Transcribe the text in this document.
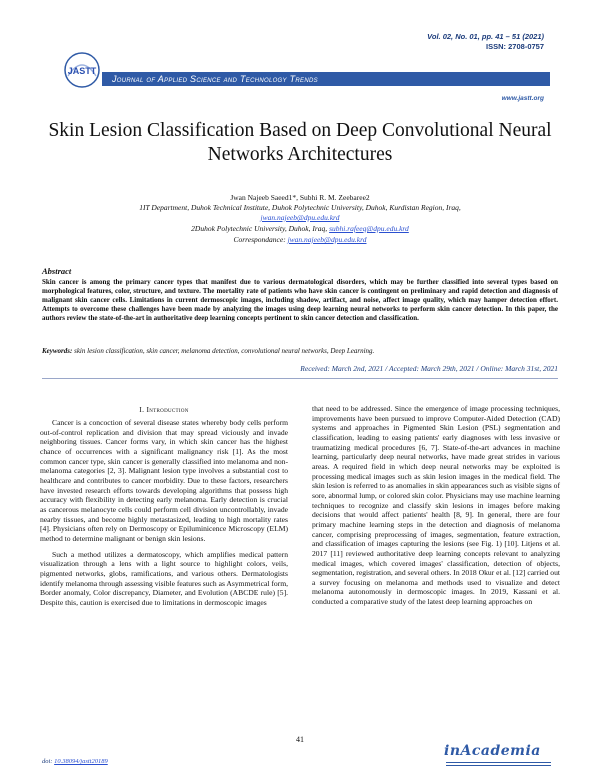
Vol. 02, No. 01, pp. 41 – 51 (2021)
ISSN: 2708-0757
JASTT
Journal of Applied Science and Technology Trends
www.jastt.org
Skin Lesion Classification Based on Deep Convolutional Neural Networks Architectures
Jwan Najeeb Saeed1*, Subhi R. M. Zeebaree2
1IT Department, Duhok Technical Institute, Duhok Polytechnic University, Duhok, Kurdistan Region, Iraq,
jwan.najeeb@dpu.edu.krd
2Duhok Polytechnic University, Duhok, Iraq, subhi.rafeeq@dpu.edu.krd
Correspondance: jwan.najeeb@dpu.edu.krd
Abstract
Skin cancer is among the primary cancer types that manifest due to various dermatological disorders, which may be further classified into several types based on morphological features, color, structure, and texture. The mortality rate of patients who have skin cancer is contingent on preliminary and rapid detection and diagnosis of malignant skin cancer cells. Limitations in current dermoscopic images, including shadow, artifact, and noise, affect image quality, which may hamper detection effort. Attempts to overcome these challenges have been made by analyzing the images using deep learning neural networks to perform skin cancer detection. In this paper, the authors review the state-of-the-art in authoritative deep learning concepts pertinent to skin cancer detection and classification.
Keywords: skin lesion classification, skin cancer, melanoma detection, convolutional neural networks, Deep Learning.
Received: March 2nd, 2021 / Accepted: March 29th, 2021 / Online: March 31st, 2021
I. Introduction

Cancer is a concoction of several disease states whereby body cells perform out-of-control replication and division that may spread viciously and invade neighboring tissues. Cancer forms vary, in which skin cancer has the highest chance of occurrences with a significant malignancy risk [1]. As the most common cancer type, skin cancer is generally classified into melanoma and non-melanoma categories [2, 3]. Malignant lesion type involves a substantial cost to healthcare and contributes to cancer morbidity. Due to these factors, researchers have invested research efforts towards developing algorithms that possess high accuracy with flexibility in detecting early melanoma. Early detection is crucial as cancerous melanocyte cells could perform cell division uncontrollably, invade nearby tissues, and become highly metastasized, leading to high mortality rates [4]. Physicians often rely on Dermoscopy or Epiluminicence Microscopy (ELM) method to determine malignant or benign skin lesions.

Such a method utilizes a dermatoscopy, which amplifies medical pattern visualization through a lens with a light source to highlight colors, veils, pigmented networks, globs, ramifications, and various others. Dermatologists identify melanoma through assessing visible features such as Asymmetrical form, Border anomaly, Color discrepancy, Diameter, and Evolution (ABCDE rule) [5]. Despite this, caution is exercised due to limitations in dermoscopic images

that need to be addressed. Since the emergence of image processing techniques, improvements have been pursued to improve Computer-Aided Detection (CAD) systems and approaches in Pigmented Skin Lesion (PSL) segmentation and classification, leading to easing patients' early diagnoses with less invasive or traumatizing medical procedures [6, 7]. State-of-the-art advances in machine learning, particularly deep neural networks, have made great strides in various areas. A required field in which deep neural networks may be exploited is processing medical images such as skin lesion images in the medical field. The skin lesion is referred to as anomalies in skin appearances such as visible signs of sore, abnormal lump, or colored skin color. Physicians may use machine learning techniques to recognize and classify skin lesions in images before making decisions that would affect patients' health [8, 9]. In general, there are four primary machine learning steps in the detection and diagnosis of melanoma cancer, comprising preprocessing of images, segmentation, feature extraction, and classification of images capturing the lesions (see Fig. 1) [10]. Litjens et al. 2017 [11] reviewed authoritative deep learning concepts relevant to analyzing medical images, which covered images' classification, detection of objects, segmentation, registration, and several others. In 2018 Okur et al. [12] carried out a survey focusing on melanoma and methods used to visualize and detect melanoma autonomously in dermoscopic images. In 2019, Kassani et al. conducted a comparative study of the latest deep learning approaches on

41
doi: 10.38094/jastt20189
inAcademia
